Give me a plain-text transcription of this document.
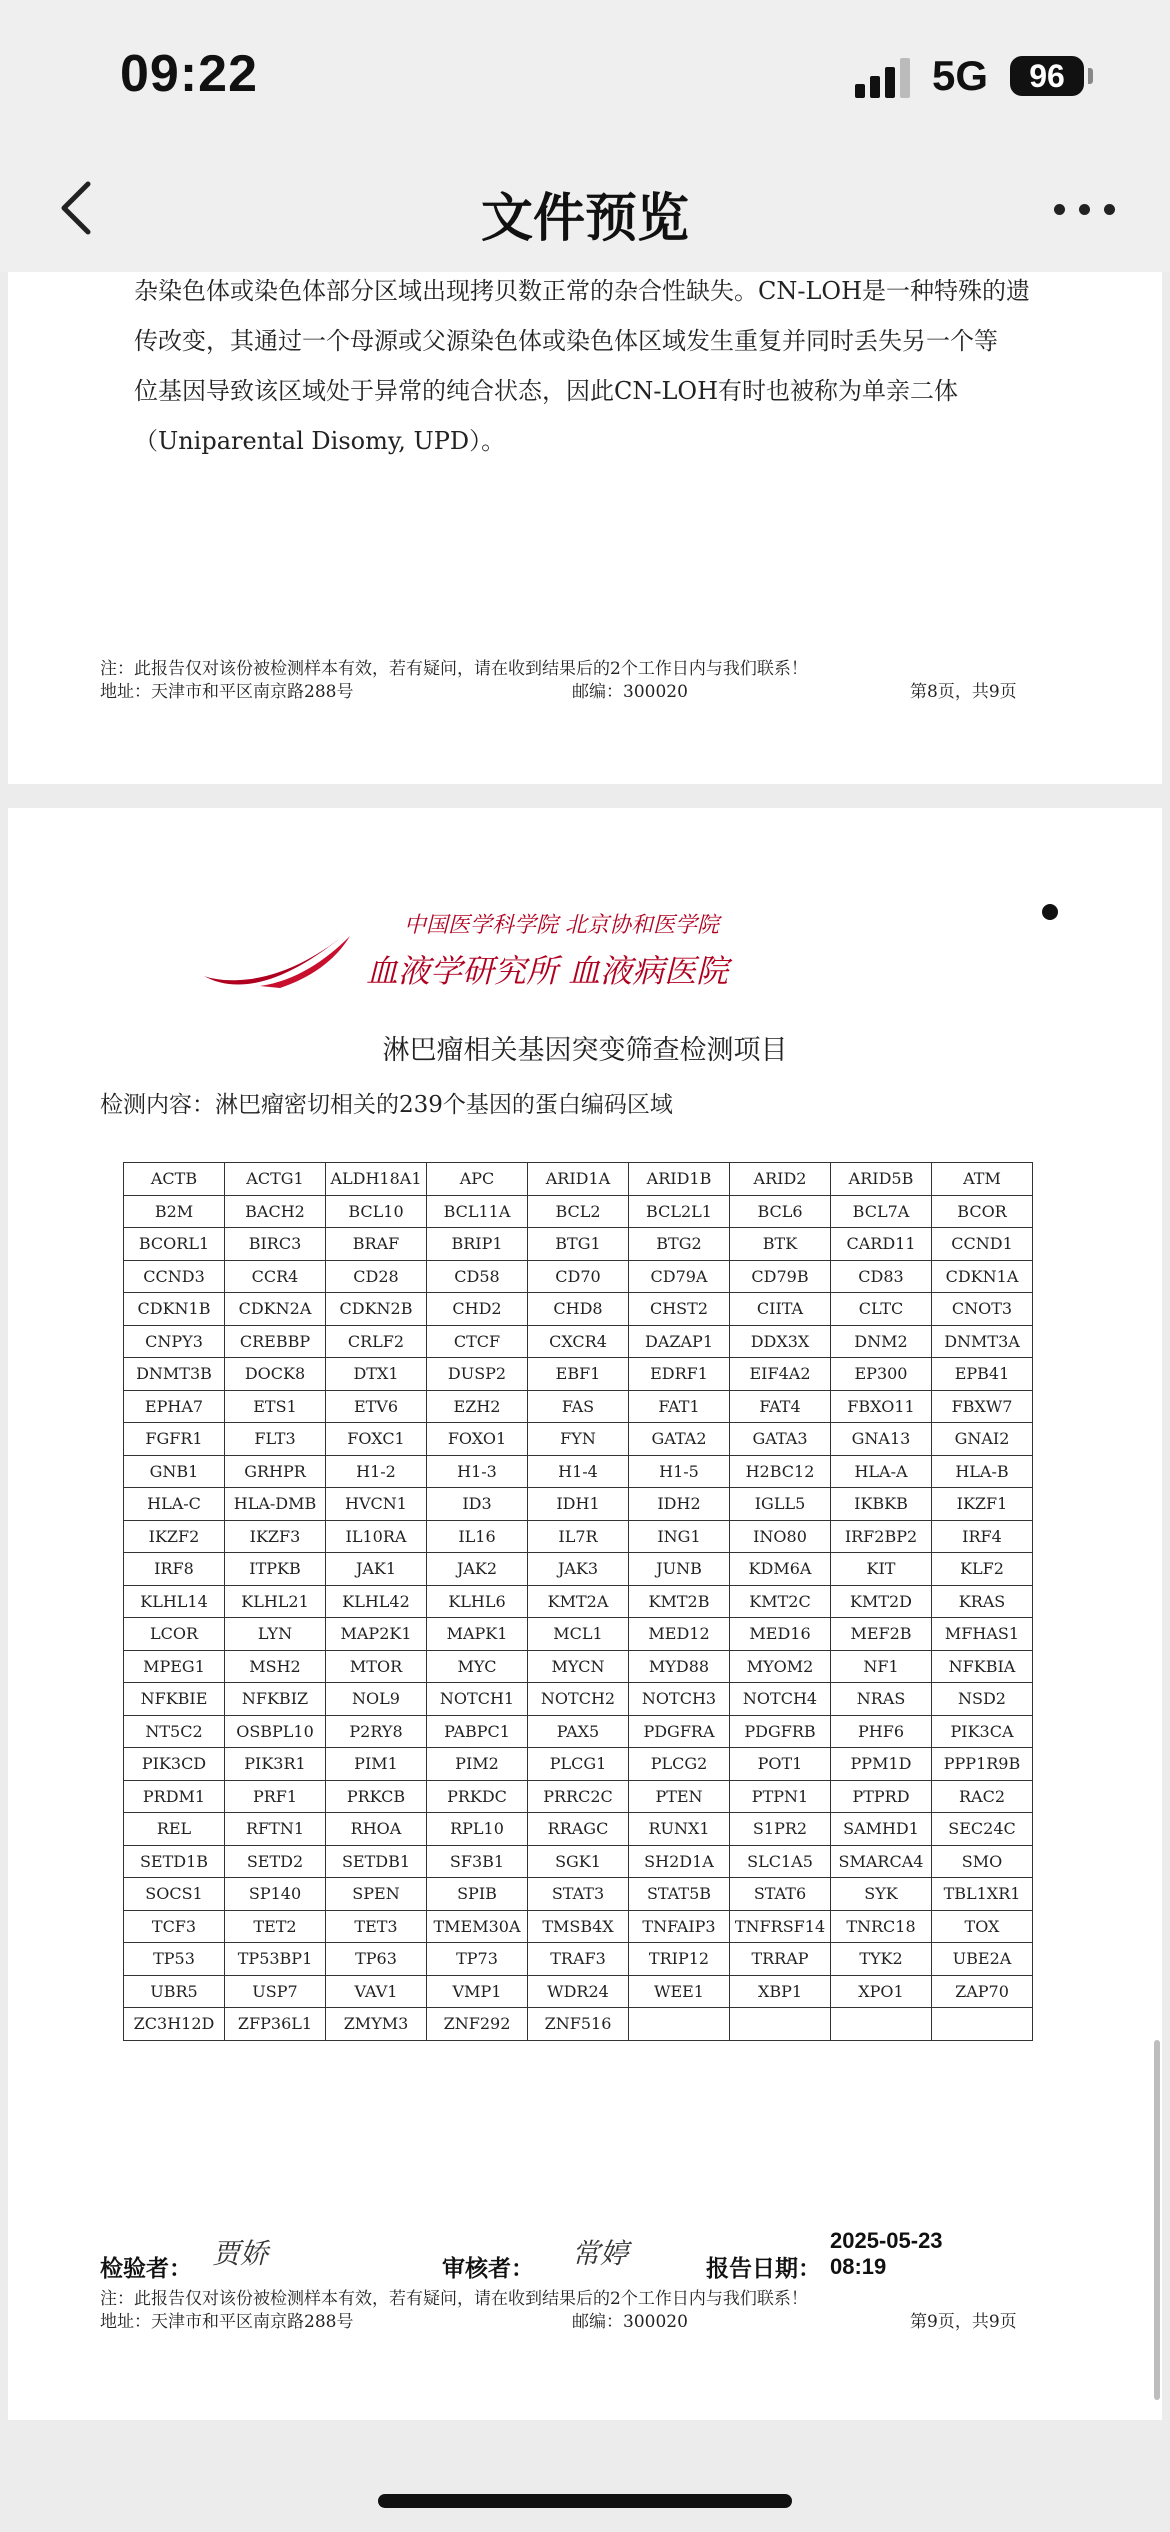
09:22	5G	96
文件预览

杂染色体或染色体部分区域出现拷贝数正常的杂合性缺失。CN-LOH是一种特殊的遗

传改变，其通过一个母源或父源染色体或染色体区域发生重复并同时丢失另一个等

位基因导致该区域处于异常的纯合状态，因此CN-LOH有时也被称为单亲二体

（Uniparental Disomy, UPD）。

注：此报告仅对该份被检测样本有效，若有疑问，请在收到结果后的2个工作日内与我们联系！
地址：天津市和平区南京路288号	邮编：300020	第8页，共9页
中国医学科学院 北京协和医学院
血液学研究所 血液病医院
淋巴瘤相关基因突变筛查检测项目
检测内容：淋巴瘤密切相关的239个基因的蛋白编码区域
ACTB	ACTG1	ALDH18A1	APC	ARID1A	ARID1B	ARID2	ARID5B	ATM
B2M	BACH2	BCL10	BCL11A	BCL2	BCL2L1	BCL6	BCL7A	BCOR
BCORL1	BIRC3	BRAF	BRIP1	BTG1	BTG2	BTK	CARD11	CCND1
CCND3	CCR4	CD28	CD58	CD70	CD79A	CD79B	CD83	CDKN1A
CDKN1B	CDKN2A	CDKN2B	CHD2	CHD8	CHST2	CIITA	CLTC	CNOT3
CNPY3	CREBBP	CRLF2	CTCF	CXCR4	DAZAP1	DDX3X	DNM2	DNMT3A
DNMT3B	DOCK8	DTX1	DUSP2	EBF1	EDRF1	EIF4A2	EP300	EPB41
EPHA7	ETS1	ETV6	EZH2	FAS	FAT1	FAT4	FBXO11	FBXW7
FGFR1	FLT3	FOXC1	FOXO1	FYN	GATA2	GATA3	GNA13	GNAI2
GNB1	GRHPR	H1-2	H1-3	H1-4	H1-5	H2BC12	HLA-A	HLA-B
HLA-C	HLA-DMB	HVCN1	ID3	IDH1	IDH2	IGLL5	IKBKB	IKZF1
IKZF2	IKZF3	IL10RA	IL16	IL7R	ING1	INO80	IRF2BP2	IRF4
IRF8	ITPKB	JAK1	JAK2	JAK3	JUNB	KDM6A	KIT	KLF2
KLHL14	KLHL21	KLHL42	KLHL6	KMT2A	KMT2B	KMT2C	KMT2D	KRAS
LCOR	LYN	MAP2K1	MAPK1	MCL1	MED12	MED16	MEF2B	MFHAS1
MPEG1	MSH2	MTOR	MYC	MYCN	MYD88	MYOM2	NF1	NFKBIA
NFKBIE	NFKBIZ	NOL9	NOTCH1	NOTCH2	NOTCH3	NOTCH4	NRAS	NSD2
NT5C2	OSBPL10	P2RY8	PABPC1	PAX5	PDGFRA	PDGFRB	PHF6	PIK3CA
PIK3CD	PIK3R1	PIM1	PIM2	PLCG1	PLCG2	POT1	PPM1D	PPP1R9B
PRDM1	PRF1	PRKCB	PRKDC	PRRC2C	PTEN	PTPN1	PTPRD	RAC2
REL	RFTN1	RHOA	RPL10	RRAGC	RUNX1	S1PR2	SAMHD1	SEC24C
SETD1B	SETD2	SETDB1	SF3B1	SGK1	SH2D1A	SLC1A5	SMARCA4	SMO
SOCS1	SP140	SPEN	SPIB	STAT3	STAT5B	STAT6	SYK	TBL1XR1
TCF3	TET2	TET3	TMEM30A	TMSB4X	TNFAIP3	TNFRSF14	TNRC18	TOX
TP53	TP53BP1	TP63	TP73	TRAF3	TRIP12	TRRAP	TYK2	UBE2A
UBR5	USP7	VAV1	VMP1	WDR24	WEE1	XBP1	XPO1	ZAP70
ZC3H12D	ZFP36L1	ZMYM3	ZNF292	ZNF516				
检验者： 贾娇	审核者： 常婷	报告日期：
2025-05-23
08:19
注：此报告仅对该份被检测样本有效，若有疑问，请在收到结果后的2个工作日内与我们联系！
地址：天津市和平区南京路288号	邮编：300020	第9页，共9页
